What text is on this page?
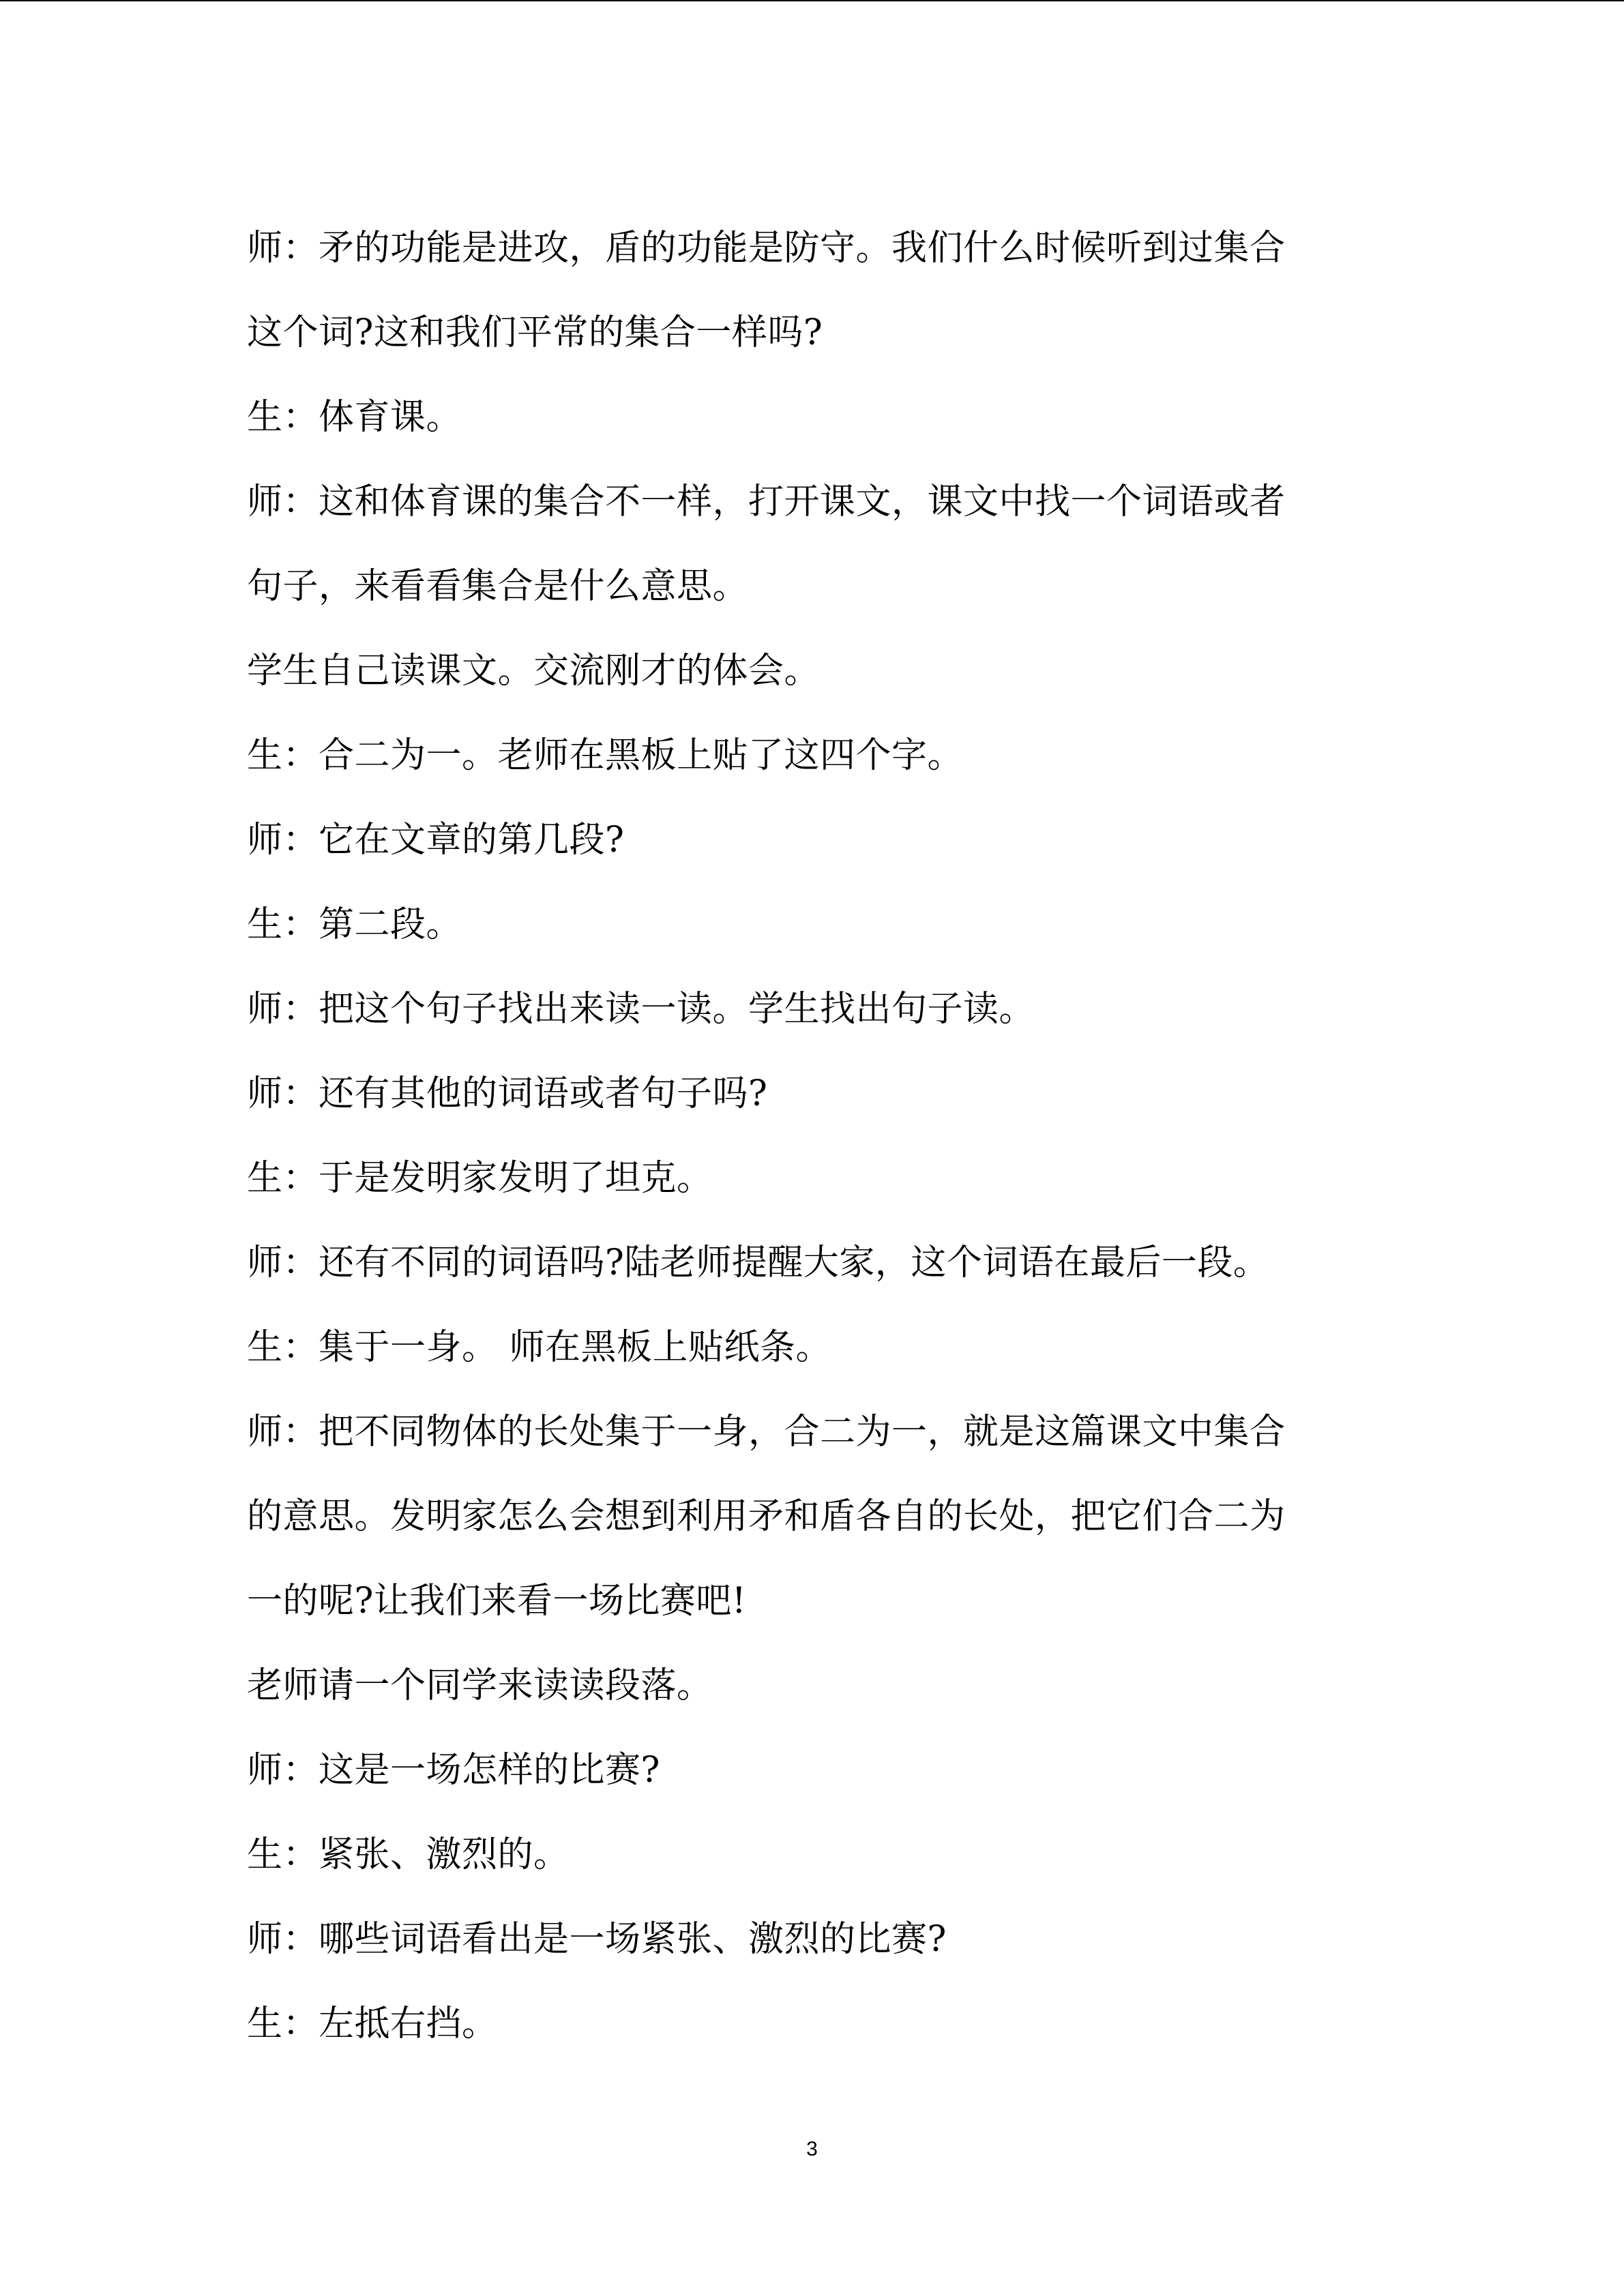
师：矛的功能是进攻，盾的功能是防守。我们什么时候听到过集合

这个词?这和我们平常的集合一样吗?

生：体育课。

师：这和体育课的集合不一样，打开课文，课文中找一个词语或者

句子，来看看集合是什么意思。

学生自己读课文。交流刚才的体会。

生：合二为一。老师在黑板上贴了这四个字。

师：它在文章的第几段?

生：第二段。

师：把这个句子找出来读一读。学生找出句子读。

师：还有其他的词语或者句子吗?

生：于是发明家发明了坦克。

师：还有不同的词语吗?陆老师提醒大家，这个词语在最后一段。

生：集于一身。 师在黑板上贴纸条。

师：把不同物体的长处集于一身，合二为一，就是这篇课文中集合

的意思。发明家怎么会想到利用矛和盾各自的长处，把它们合二为

一的呢?让我们来看一场比赛吧!

老师请一个同学来读读段落。

师：这是一场怎样的比赛?

生：紧张、激烈的。

师：哪些词语看出是一场紧张、激烈的比赛?

生：左抵右挡。

3
